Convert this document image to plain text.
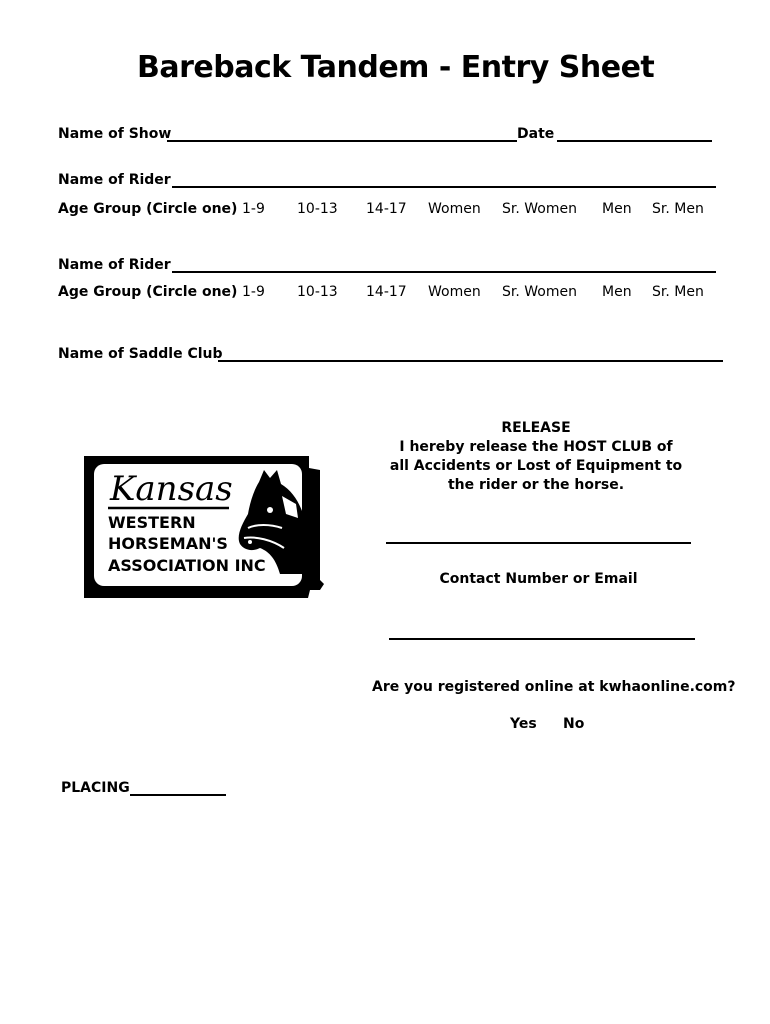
Bareback Tandem - Entry Sheet
Name of Show	Date
Name of Rider
Age Group (Circle one) 1-9 10-13 14-17 Women Sr. Women Men Sr. Men
Name of Rider
Age Group (Circle one) 1-9 10-13 14-17 Women Sr. Women Men Sr. Men
Name of Saddle Club
Kansas
WESTERN
HORSEMAN'S
ASSOCIATION INC
RELEASE
I hereby release the HOST CLUB of
all Accidents or Lost of Equipment to
the rider or the horse.
Contact Number or Email
Are you registered online at kwhaonline.com?
Yes No
PLACING
